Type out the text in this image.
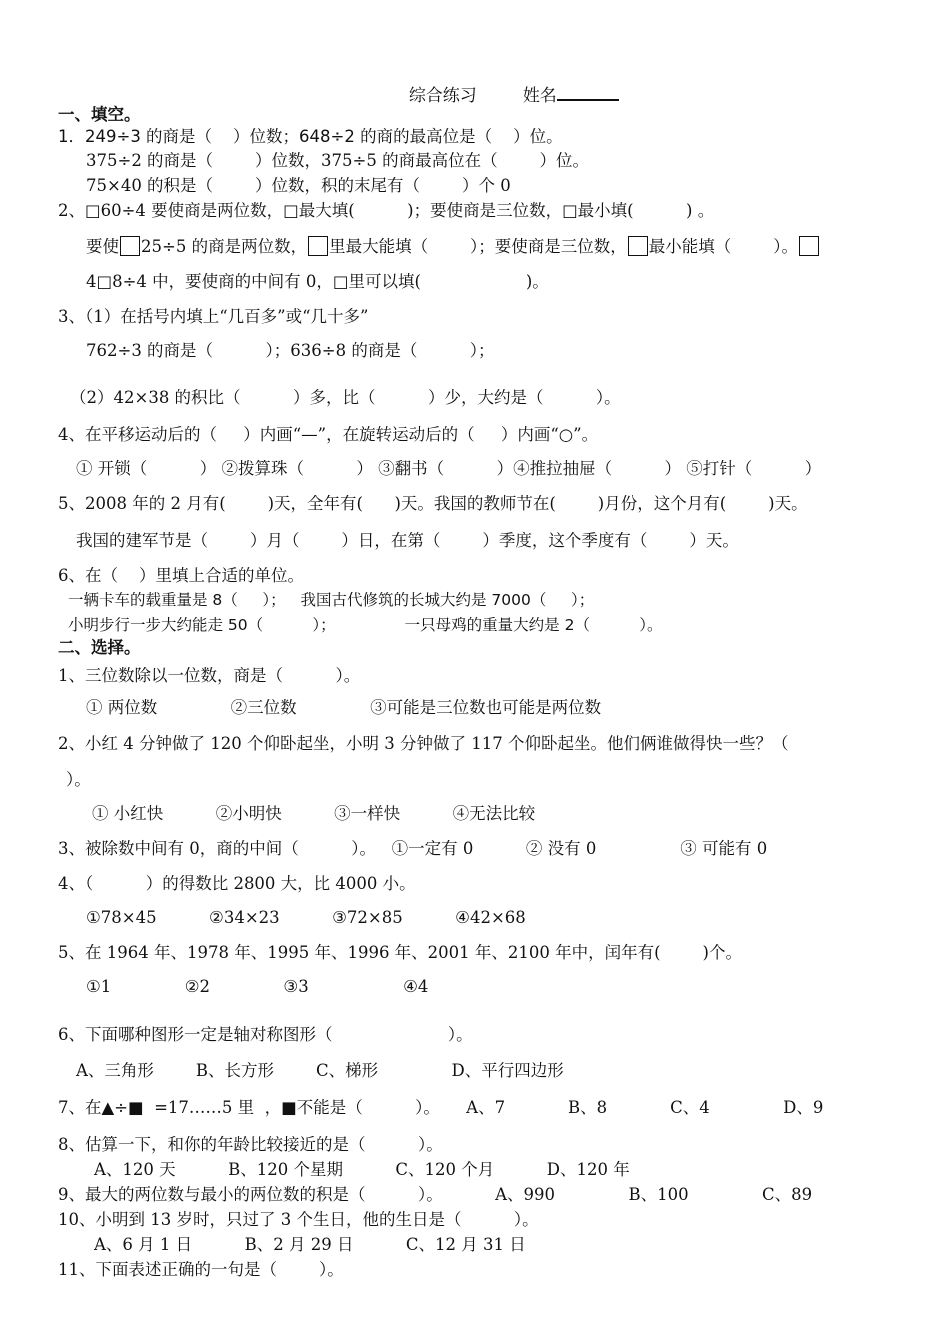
综合练习	姓名

一、填空。
1．249÷3 的商是（    ）位数；648÷2 的商的最高位是（    ）位。
375÷2 的商是（        ）位数，375÷5 的商最高位在（        ）位。
75×40 的积是（        ）位数，积的末尾有（        ）个 0
2、□60÷4 要使商是两位数，□最大填(          )；要使商是三位数，□最小填(          ) 。
要使 25÷5 的商是两位数， 里最大能填（        ）；要使商是三位数， 最小能填（        ）。
4□8÷4 中，要使商的中间有 0，□里可以填(                    )。
3、（1）在括号内填上“几百多”或“几十多”
762÷3 的商是（          ）；636÷8 的商是（          ）；
（2）42×38 的积比（          ）多，比（          ）少，大约是（          ）。
4、在平移运动后的（     ）内画“—”，在旋转运动后的（     ）内画“○”。
① 开锁（          ） ②拨算珠（          ） ③翻书（          ）④推拉抽屉（          ） ⑤打针（          ）
5、2008 年的 2 月有(        )天，全年有(      )天。我国的教师节在(        )月份，这个月有(        )天。
我国的建军节是（        ）月（        ）日，在第（        ）季度，这个季度有（        ）天。
6、在（    ）里填上合适的单位。
一辆卡车的载重量是 8（     ）；   我国古代修筑的长城大约是 7000（     ）；
小明步行一步大约能走 50（          ）；              一只母鸡的重量大约是 2（          ）。
二、选择。
1、三位数除以一位数，商是（          ）。
① 两位数              ②三位数              ③可能是三位数也可能是两位数
2、小红 4 分钟做了 120 个仰卧起坐，小明 3 分钟做了 117 个仰卧起坐。他们俩谁做得快一些？（
）。
① 小红快          ②小明快          ③一样快          ④无法比较
3、被除数中间有 0，商的中间（          ）。   ①一定有 0          ② 没有 0                ③ 可能有 0
4、（          ）的得数比 2800 大，比 4000 小。
①78×45          ②34×23          ③72×85          ④42×68
5、在 1964 年、1978 年、1995 年、1996 年、2001 年、2100 年中，闰年有(        )个。
①1              ②2              ③3                  ④4
6、下面哪种图形一定是轴对称图形（                      ）。
A、三角形        B、长方形        C、梯形              D、平行四边形
7、在▲÷■  =17……5 里  ，■不能是（          ）。     A、7            B、8            C、4              D、9
8、估算一下，和你的年龄比较接近的是（          ）。
A、120 天          B、120 个星期          C、120 个月          D、120 年
9、最大的两位数与最小的两位数的积是（          ）。          A、990              B、100              C、89
10、小明到 13 岁时，只过了 3 个生日，他的生日是（          ）。
A、6 月 1 日          B、2 月 29 日          C、12 月 31 日
11、下面表述正确的一句是（        ）。
